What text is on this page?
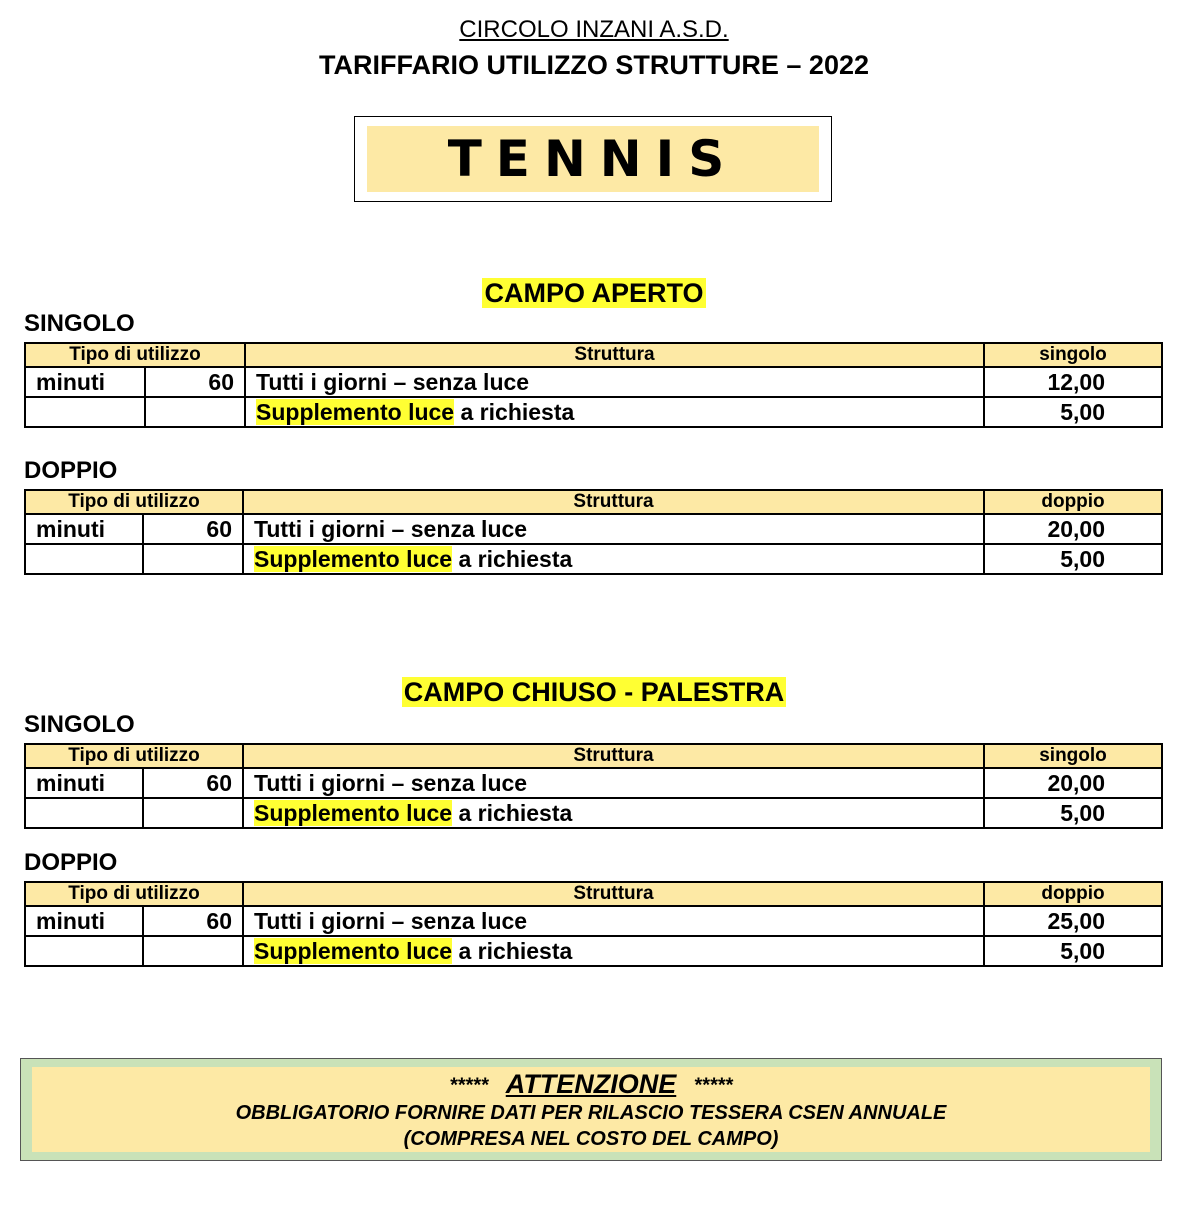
CIRCOLO INZANI A.S.D.
TARIFFARIO UTILIZZO STRUTTURE – 2022
TENNIS
CAMPO APERTO
SINGOLO
Tipo di utilizzo		Struttura	singolo
minuti	60	Tutti i giorni – senza luce	12,00
		Supplemento luce a richiesta	5,00
DOPPIO
Tipo di utilizzo		Struttura	doppio
minuti	60	Tutti i giorni – senza luce	20,00
		Supplemento luce a richiesta	5,00
CAMPO CHIUSO - PALESTRA
SINGOLO
Tipo di utilizzo		Struttura	singolo
minuti	60	Tutti i giorni – senza luce	20,00
		Supplemento luce a richiesta	5,00
DOPPIO
Tipo di utilizzo		Struttura	doppio
minuti	60	Tutti i giorni – senza luce	25,00
		Supplemento luce a richiesta	5,00
***** ATTENZIONE *****
OBBLIGATORIO FORNIRE DATI PER RILASCIO TESSERA CSEN ANNUALE
(COMPRESA NEL COSTO DEL CAMPO)
